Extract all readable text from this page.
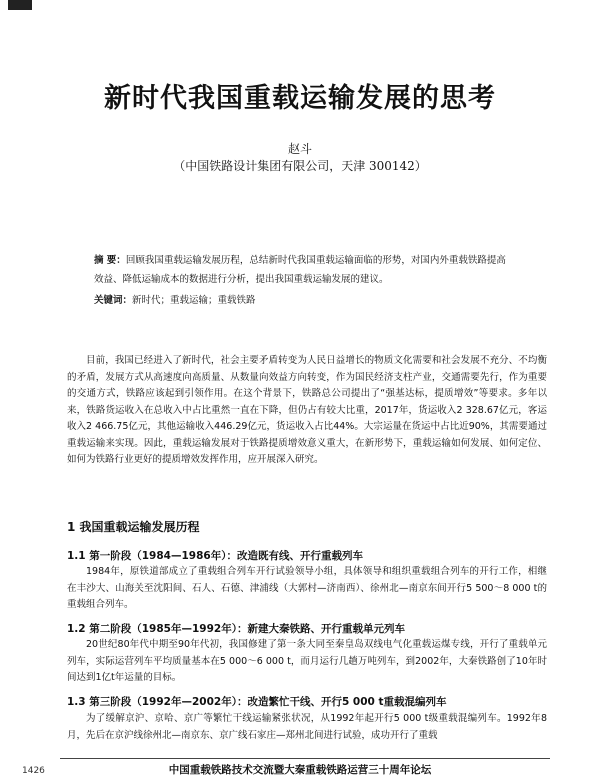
新时代我国重载运输发展的思考
赵斗
（中国铁路设计集团有限公司，天津 300142）
摘 要：回顾我国重载运输发展历程，总结新时代我国重载运输面临的形势，对国内外重载铁路提高效益、降低运输成本的数据进行分析，提出我国重载运输发展的建议。
关键词：新时代；重载运输；重载铁路

目前，我国已经进入了新时代，社会主要矛盾转变为人民日益增长的物质文化需要和社会发展不充分、不均衡的矛盾，发展方式从高速度向高质量、从数量向效益方向转变，作为国民经济支柱产业，交通需要先行，作为重要的交通方式，铁路应该起到引领作用。在这个背景下，铁路总公司提出了“强基达标，提质增效”等要求。多年以来，铁路货运收入在总收入中占比重然一直在下降，但仍占有较大比重，2017年，货运收入2 328.67亿元，客运收入2 466.75亿元，其他运输收入446.29亿元，货运收入占比44%。大宗运量在货运中占比近90%，其需要通过重载运输来实现。因此，重载运输发展对于铁路提质增效意义重大，在新形势下，重载运输如何发展、如何定位、如何为铁路行业更好的提质增效发挥作用，应开展深入研究。

1 我国重载运输发展历程
1.1 第一阶段（1984—1986年）：改造既有线、开行重载列车

1984年，原铁道部成立了重载组合列车开行试验领导小组，具体领导和组织重载组合列车的开行工作，相继在丰沙大、山海关至沈阳间、石人、石德、津浦线（大郭村—济南西）、徐州北—南京东间开行5 500～8 000 t的重载组合列车。

1.2 第二阶段（1985年—1992年）：新建大秦铁路、开行重载单元列车

20世纪80年代中期至90年代初，我国修建了第一条大同至秦皇岛双线电气化重载运煤专线，开行了重载单元列车，实际运营列车平均质量基本在5 000～6 000 t，而月运行几趟万吨列车，到2002年，大秦铁路创了10年时间达到1亿t年运量的目标。

1.3 第三阶段（1992年—2002年）：改造繁忙干线、开行5 000 t重载混编列车

为了缓解京沪、京哈、京广等繁忙干线运输紧张状况，从1992年起开行5 000 t级重载混编列车。1992年8月，先后在京沪线徐州北—南京东、京广线石家庄—郑州北间进行试验，成功开行了重载

1426	中国重载铁路技术交流暨大秦重载铁路运营三十周年论坛
